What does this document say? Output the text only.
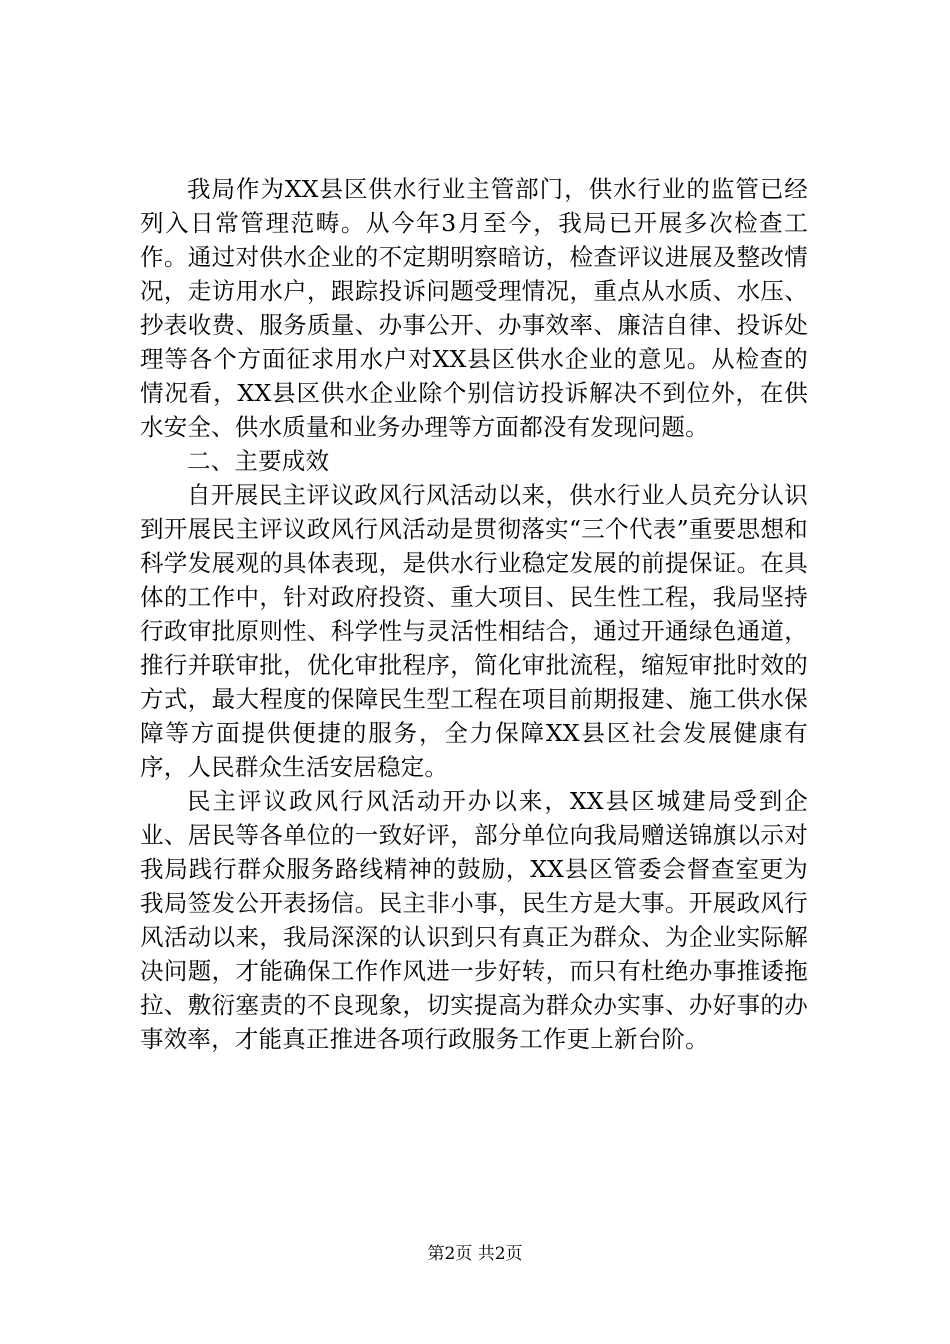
我局作为XX县区供水行业主管部门，供水行业的监管已经列入日常管理范畴。从今年3月至今，我局已开展多次检查工作。通过对供水企业的不定期明察暗访，检查评议进展及整改情况，走访用水户，跟踪投诉问题受理情况，重点从水质、水压、抄表收费、服务质量、办事公开、办事效率、廉洁自律、投诉处理等各个方面征求用水户对XX县区供水企业的意见。从检查的情况看，XX县区供水企业除个别信访投诉解决不到位外，在供水安全、供水质量和业务办理等方面都没有发现问题。

二、主要成效

自开展民主评议政风行风活动以来，供水行业人员充分认识到开展民主评议政风行风活动是贯彻落实“三个代表”重要思想和科学发展观的具体表现，是供水行业稳定发展的前提保证。在具体的工作中，针对政府投资、重大项目、民生性工程，我局坚持行政审批原则性、科学性与灵活性相结合，通过开通绿色通道，推行并联审批，优化审批程序，简化审批流程，缩短审批时效的方式，最大程度的保障民生型工程在项目前期报建、施工供水保障等方面提供便捷的服务，全力保障XX县区社会发展健康有序，人民群众生活安居稳定。

民主评议政风行风活动开办以来，XX县区城建局受到企业、居民等各单位的一致好评，部分单位向我局赠送锦旗以示对我局践行群众服务路线精神的鼓励，XX县区管委会督查室更为我局签发公开表扬信。民主非小事，民生方是大事。开展政风行风活动以来，我局深深的认识到只有真正为群众、为企业实际解决问题，才能确保工作作风进一步好转，而只有杜绝办事推诿拖拉、敷衍塞责的不良现象，切实提高为群众办实事、办好事的办事效率，才能真正推进各项行政服务工作更上新台阶。

第2页 共2页
